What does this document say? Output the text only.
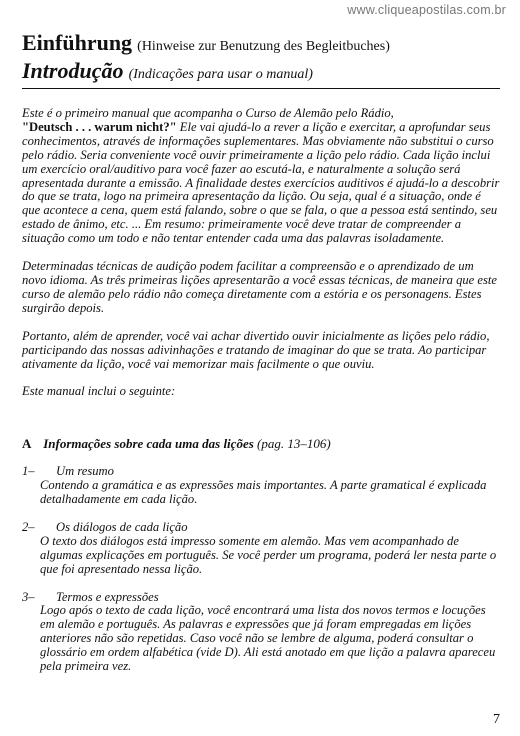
www.cliqueapostilas.com.br
Einführung (Hinweise zur Benutzung des Begleitbuches)
Introdução (Indicações para usar o manual)

Este é o primeiro manual que acompanha o Curso de Alemão pelo Rádio,
"Deutsch . . . warum nicht?" Ele vai ajudá-lo a rever a lição e exercitar, a aprofundar seus conhecimentos, através de informações suplementares. Mas obviamente não substitui o curso pelo rádio. Seria conveniente você ouvir primeiramente a lição pelo rádio. Cada lição inclui um exercício oral/auditivo para você fazer ao escutá-la, e naturalmente a solução será apresentada durante a emissão. A finalidade destes exercícios auditivos é ajudá-lo a descobrir do que se trata, logo na primeira apresentação da lição. Ou seja, qual é a situação, onde é que acontece a cena, quem está falando, sobre o que se fala, o que a pessoa está sentindo, seu estado de ânimo, etc. ... Em resumo: primeiramente você deve tratar de compreender a situação como um todo e não tentar entender cada uma das palavras isoladamente.

Determinadas técnicas de audição podem facilitar a compreensão e o aprendizado de um novo idioma. As três primeiras lições apresentarão a você essas técnicas, de maneira que este curso de alemão pelo rádio não começa diretamente com a estória e os personagens. Estes surgirão depois.

Portanto, além de aprender, você vai achar divertido ouvir inicialmente as lições pelo rádio, participando das nossas adivinhações e tratando de imaginar do que se trata. Ao participar ativamente da lição, você vai memorizar mais facilmente o que ouviu.

Este manual inclui o seguinte:

A Informações sobre cada uma das lições (pag. 13–106)
1–	Um resumo
Contendo a gramática e as expressões mais importantes. A parte gramatical é explicada detalhadamente em cada lição.
2–	Os diálogos de cada lição
O texto dos diálogos está impresso somente em alemão. Mas vem acompanhado de algumas explicações em português. Se você perder um programa, poderá ler nesta parte o que foi apresentado nessa lição.
3–	Termos e expressões
Logo após o texto de cada lição, você encontrará uma lista dos novos termos e locuções em alemão e português. As palavras e expressões que já foram empregadas em lições anteriores não são repetidas. Caso você não se lembre de alguma, poderá consultar o glossário em ordem alfabética (vide D). Ali está anotado em que lição a palavra apareceu pela primeira vez.
7
